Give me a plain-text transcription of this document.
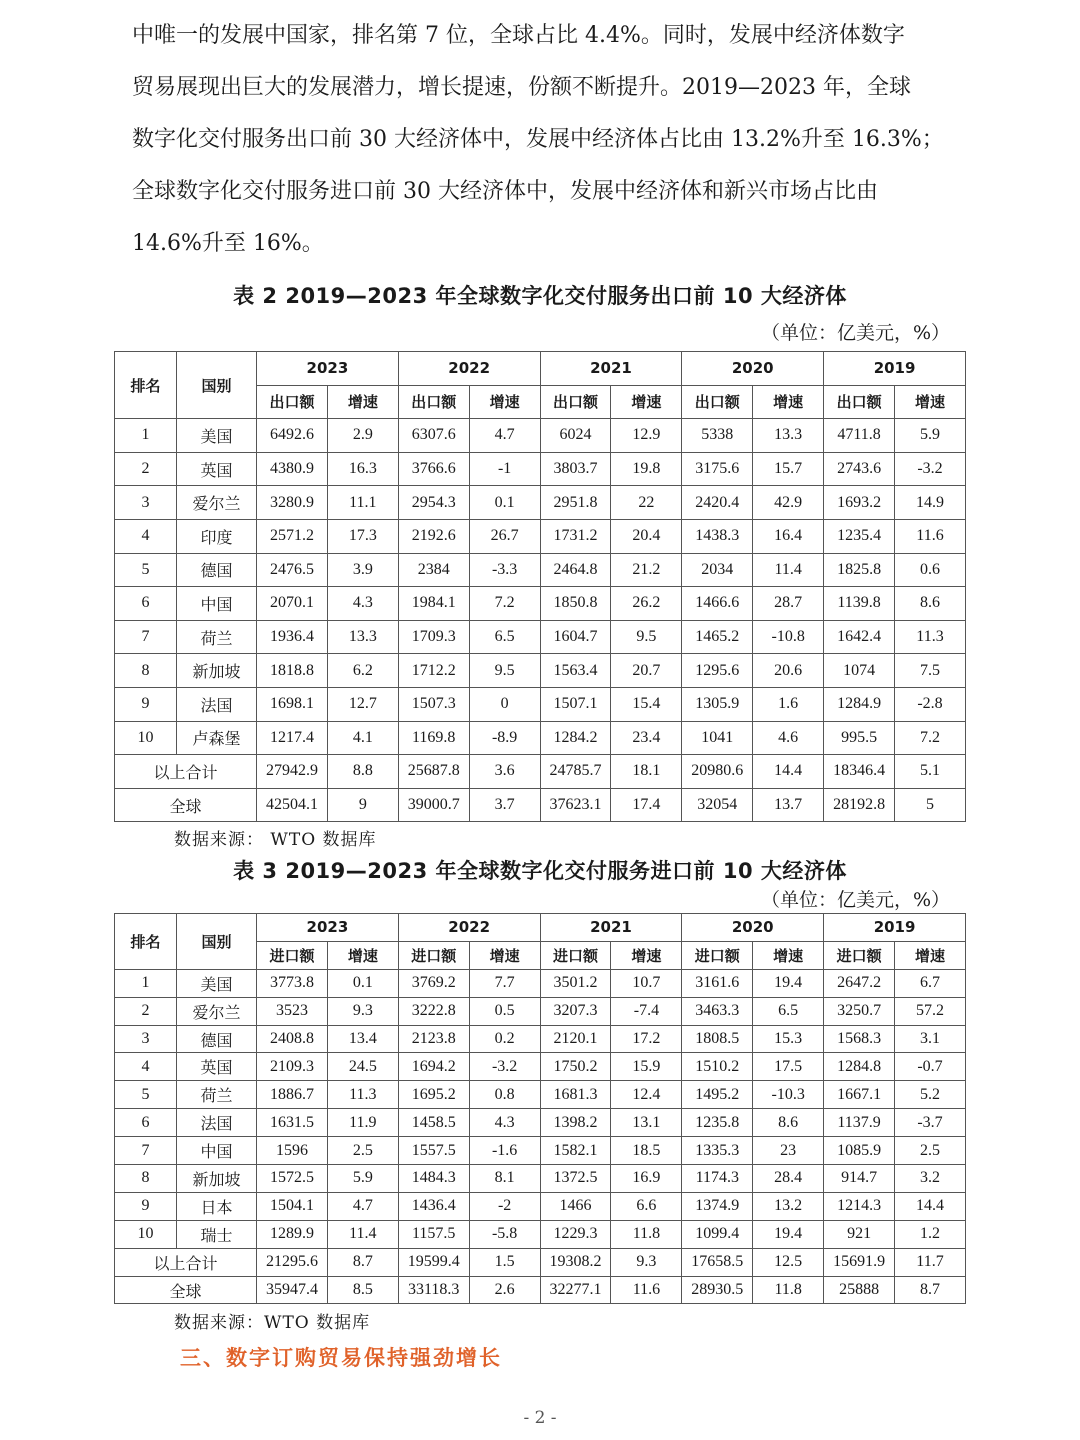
中唯一的发展中国家，排名第 7 位，全球占比 4.4%。同时，发展中经济体数字
贸易展现出巨大的发展潜力，增长提速，份额不断提升。2019—2023 年，全球
数字化交付服务出口前 30 大经济体中，发展中经济体占比由 13.2%升至 16.3%；
全球数字化交付服务进口前 30 大经济体中，发展中经济体和新兴市场占比由
14.6%升至 16%。

表 2 2019—2023 年全球数字化交付服务出口前 10 大经济体

（单位：亿美元，%）
排名	国别	2023		2022		2021		2020		2019	
		出口额	增速	出口额	增速	出口额	增速	出口额	增速	出口额	增速
1	美国	6492.6	2.9	6307.6	4.7	6024	12.9	5338	13.3	4711.8	5.9
2	英国	4380.9	16.3	3766.6	-1	3803.7	19.8	3175.6	15.7	2743.6	-3.2
3	爱尔兰	3280.9	11.1	2954.3	0.1	2951.8	22	2420.4	42.9	1693.2	14.9
4	印度	2571.2	17.3	2192.6	26.7	1731.2	20.4	1438.3	16.4	1235.4	11.6
5	德国	2476.5	3.9	2384	-3.3	2464.8	21.2	2034	11.4	1825.8	0.6
6	中国	2070.1	4.3	1984.1	7.2	1850.8	26.2	1466.6	28.7	1139.8	8.6
7	荷兰	1936.4	13.3	1709.3	6.5	1604.7	9.5	1465.2	-10.8	1642.4	11.3
8	新加坡	1818.8	6.2	1712.2	9.5	1563.4	20.7	1295.6	20.6	1074	7.5
9	法国	1698.1	12.7	1507.3	0	1507.1	15.4	1305.9	1.6	1284.9	-2.8
10	卢森堡	1217.4	4.1	1169.8	-8.9	1284.2	23.4	1041	4.6	995.5	7.2
以上合计		27942.9	8.8	25687.8	3.6	24785.7	18.1	20980.6	14.4	18346.4	5.1
全球		42504.1	9	39000.7	3.7	37623.1	17.4	32054	13.7	28192.8	5
数据来源： WTO 数据库

表 3 2019—2023 年全球数字化交付服务进口前 10 大经济体

（单位：亿美元，%）
排名	国别	2023		2022		2021		2020		2019	
		进口额	增速	进口额	增速	进口额	增速	进口额	增速	进口额	增速
1	美国	3773.8	0.1	3769.2	7.7	3501.2	10.7	3161.6	19.4	2647.2	6.7
2	爱尔兰	3523	9.3	3222.8	0.5	3207.3	-7.4	3463.3	6.5	3250.7	57.2
3	德国	2408.8	13.4	2123.8	0.2	2120.1	17.2	1808.5	15.3	1568.3	3.1
4	英国	2109.3	24.5	1694.2	-3.2	1750.2	15.9	1510.2	17.5	1284.8	-0.7
5	荷兰	1886.7	11.3	1695.2	0.8	1681.3	12.4	1495.2	-10.3	1667.1	5.2
6	法国	1631.5	11.9	1458.5	4.3	1398.2	13.1	1235.8	8.6	1137.9	-3.7
7	中国	1596	2.5	1557.5	-1.6	1582.1	18.5	1335.3	23	1085.9	2.5
8	新加坡	1572.5	5.9	1484.3	8.1	1372.5	16.9	1174.3	28.4	914.7	3.2
9	日本	1504.1	4.7	1436.4	-2	1466	6.6	1374.9	13.2	1214.3	14.4
10	瑞士	1289.9	11.4	1157.5	-5.8	1229.3	11.8	1099.4	19.4	921	1.2
以上合计		21295.6	8.7	19599.4	1.5	19308.2	9.3	17658.5	12.5	15691.9	11.7
全球		35947.4	8.5	33118.3	2.6	32277.1	11.6	28930.5	11.8	25888	8.7
数据来源：WTO 数据库

三、数字订购贸易保持强劲增长

- 2 -
